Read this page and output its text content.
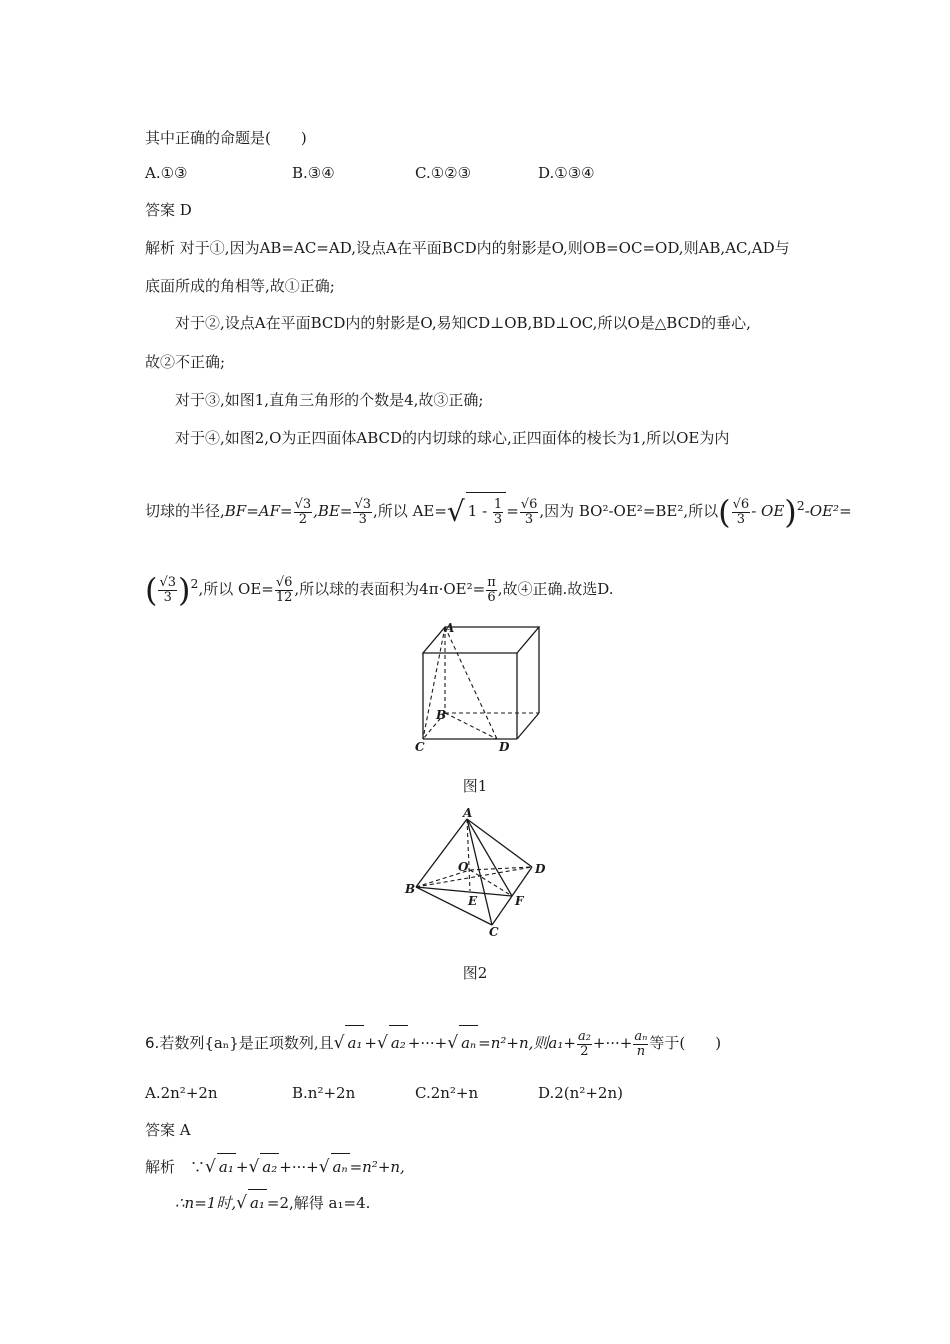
其中正确的命题是(　　)
A.①③	B.③④	C.①②③	D.①③④
答案 D
解析 对于①,因为AB=AC=AD,设点A在平面BCD内的射影是O,则OB=OC=OD,则AB,AC,AD与
底面所成的角相等,故①正确;
对于②,设点A在平面BCD内的射影是O,易知CD⊥OB,BD⊥OC,所以O是△BCD的垂心,
故②不正确;
对于③,如图1,直角三角形的个数是4,故③正确;
对于④,如图2,O为正四面体ABCD的内切球的球心,正四面体的棱长为1,所以OE为内
切球的半径$,BF=AF= \frac{√3}{2} ,BE= \frac{√3}{3}$ ,所以 AE=√ $1 - \frac{1}{3} = \frac{√6}{3}$ ,因为 BO²-OE²=BE²,所以( $\frac{√6}{3} - OE)^2-OE^2=$
( $\frac{√3}{3} )^2$,所以 $OE= \frac{√6}{12}$ ,所以球的表面积为$4\pi\cdot OE^2= \frac{\pi}{6}$ ,故④正确.故选D.
A
B
C	D
图1
A
O	D
B
E	F
C
图2
6.若数列{aₙ}是正项数列,且√ a₁ +√ a₂ +···+√ aₙ =n²+n,则$a_1+ \frac{\text{a₂}}{2}$ +···+ $\frac{\text{aₙ}}{n}$ 等于(　　)
A.2n²+2n	B.n²+2n	C.2n²+n	D.2(n²+2n)
答案 A
解析　 ∵√ a₁ +√ a₂ +···+√ aₙ =n²+n,
∴n=1时,√ a₁ =2,解得 a₁=4.
